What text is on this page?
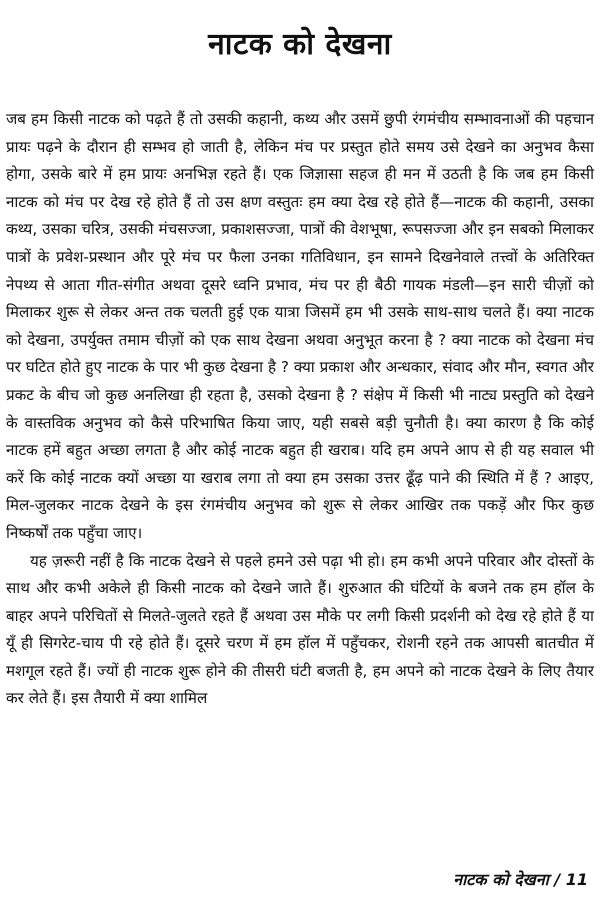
नाटक को देखना

जब हम किसी नाटक को पढ़ते हैं तो उसकी कहानी, कथ्य और उसमें छुपी रंगमंचीय सम्भावनाओं की पहचान प्रायः पढ़ने के दौरान ही सम्भव हो जाती है, लेकिन मंच पर प्रस्तुत होते समय उसे देखने का अनुभव कैसा होगा, उसके बारे में हम प्रायः अनभिज्ञ रहते हैं। एक जिज्ञासा सहज ही मन में उठती है कि जब हम किसी नाटक को मंच पर देख रहे होते हैं तो उस क्षण वस्तुतः हम क्या देख रहे होते हैं—नाटक की कहानी, उसका कथ्य, उसका चरित्र, उसकी मंचसज्जा, प्रकाशसज्जा, पात्रों की वेशभूषा, रूपसज्जा और इन सबको मिलाकर पात्रों के प्रवेश-प्रस्थान और पूरे मंच पर फैला उनका गतिविधान, इन सामने दिखनेवाले तत्त्वों के अतिरिक्त नेपथ्य से आता गीत-संगीत अथवा दूसरे ध्वनि प्रभाव, मंच पर ही बैठी गायक मंडली—इन सारी चीज़ों को मिलाकर शुरू से लेकर अन्त तक चलती हुई एक यात्रा जिसमें हम भी उसके साथ-साथ चलते हैं। क्या नाटक को देखना, उपर्युक्त तमाम चीज़ों को एक साथ देखना अथवा अनुभूत करना है ? क्या नाटक को देखना मंच पर घटित होते हुए नाटक के पार भी कुछ देखना है ? क्या प्रकाश और अन्धकार, संवाद और मौन, स्वगत और प्रकट के बीच जो कुछ अनलिखा ही रहता है, उसको देखना है ? संक्षेप में किसी भी नाट्य प्रस्तुति को देखने के वास्तविक अनुभव को कैसे परिभाषित किया जाए, यही सबसे बड़ी चुनौती है। क्या कारण है कि कोई नाटक हमें बहुत अच्छा लगता है और कोई नाटक बहुत ही खराब। यदि हम अपने आप से ही यह सवाल भी करें कि कोई नाटक क्यों अच्छा या खराब लगा तो क्या हम उसका उत्तर ढूँढ़ पाने की स्थिति में हैं ? आइए, मिल-जुलकर नाटक देखने के इस रंगमंचीय अनुभव को शुरू से लेकर आखिर तक पकड़ें और फिर कुछ निष्कर्षों तक पहुँचा जाए।

यह ज़रूरी नहीं है कि नाटक देखने से पहले हमने उसे पढ़ा भी हो। हम कभी अपने परिवार और दोस्तों के साथ और कभी अकेले ही किसी नाटक को देखने जाते हैं। शुरुआत की घंटियों के बजने तक हम हॉल के बाहर अपने परिचितों से मिलते-जुलते रहते हैं अथवा उस मौके पर लगी किसी प्रदर्शनी को देख रहे होते हैं या यूँ ही सिगरेट-चाय पी रहे होते हैं। दूसरे चरण में हम हॉल में पहुँचकर, रोशनी रहने तक आपसी बातचीत में मशगूल रहते हैं। ज्यों ही नाटक शुरू होने की तीसरी घंटी बजती है, हम अपने को नाटक देखने के लिए तैयार कर लेते हैं। इस तैयारी में क्या शामिल

नाटक को देखना / 11
